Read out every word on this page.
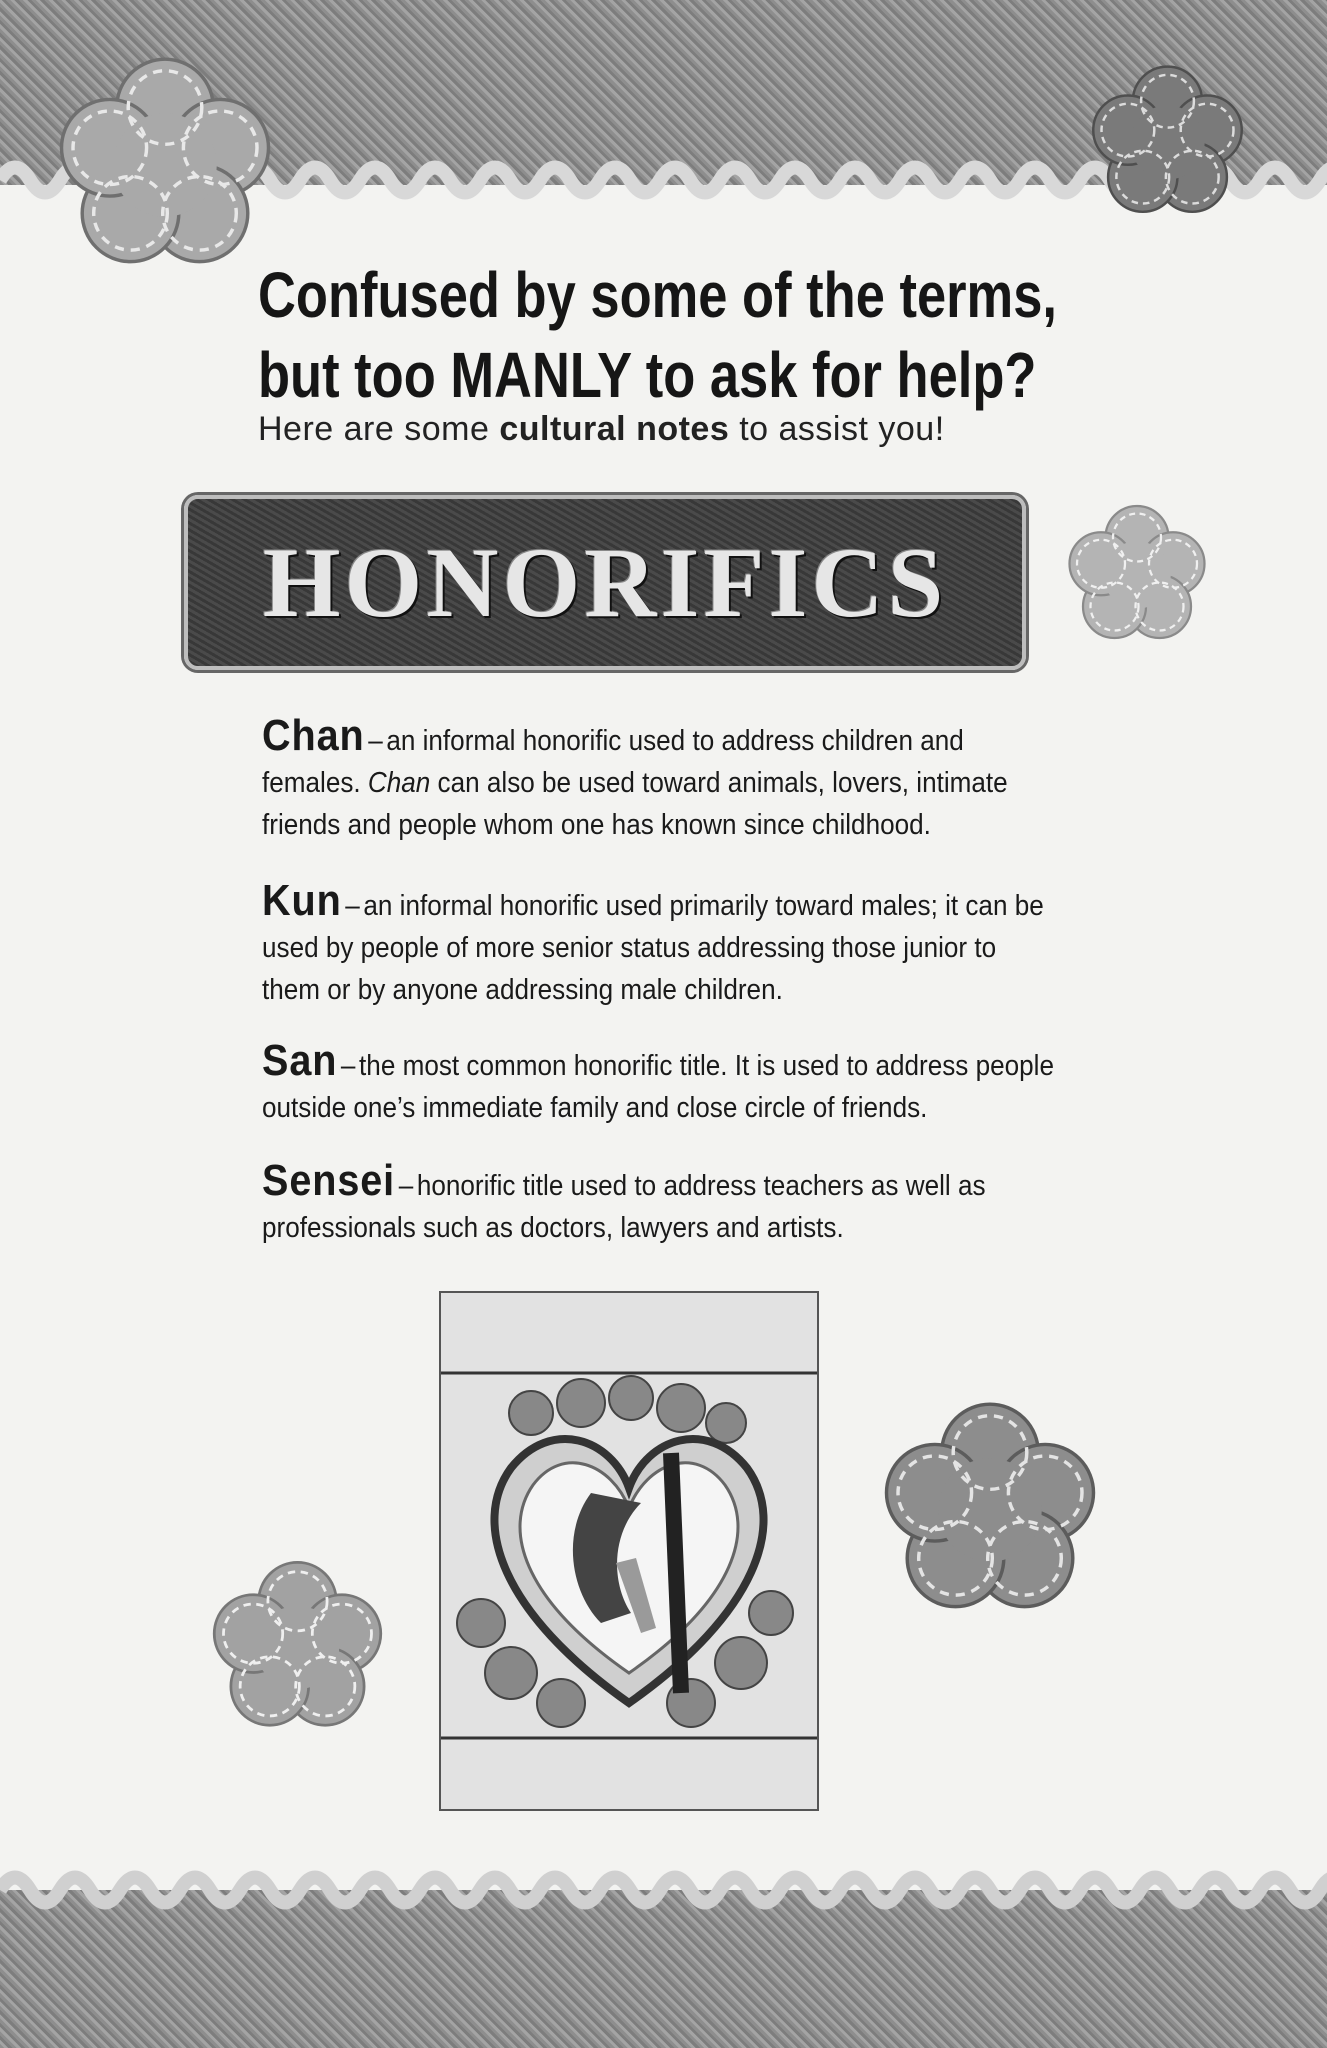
Confused by some of the terms,
but too MANLY to ask for help?

Here are some cultural notes to assist you!

HONORIFICS

Chan – an informal honorific used to address children and females. Chan can also be used toward animals, lovers, intimate friends and people whom one has known since childhood.

Kun – an informal honorific used primarily toward males; it can be used by people of more senior status addressing those junior to them or by anyone addressing male children.

San – the most common honorific title. It is used to address people outside one’s immediate family and close circle of friends.

Sensei – honorific title used to address teachers as well as professionals such as doctors, lawyers and artists.
